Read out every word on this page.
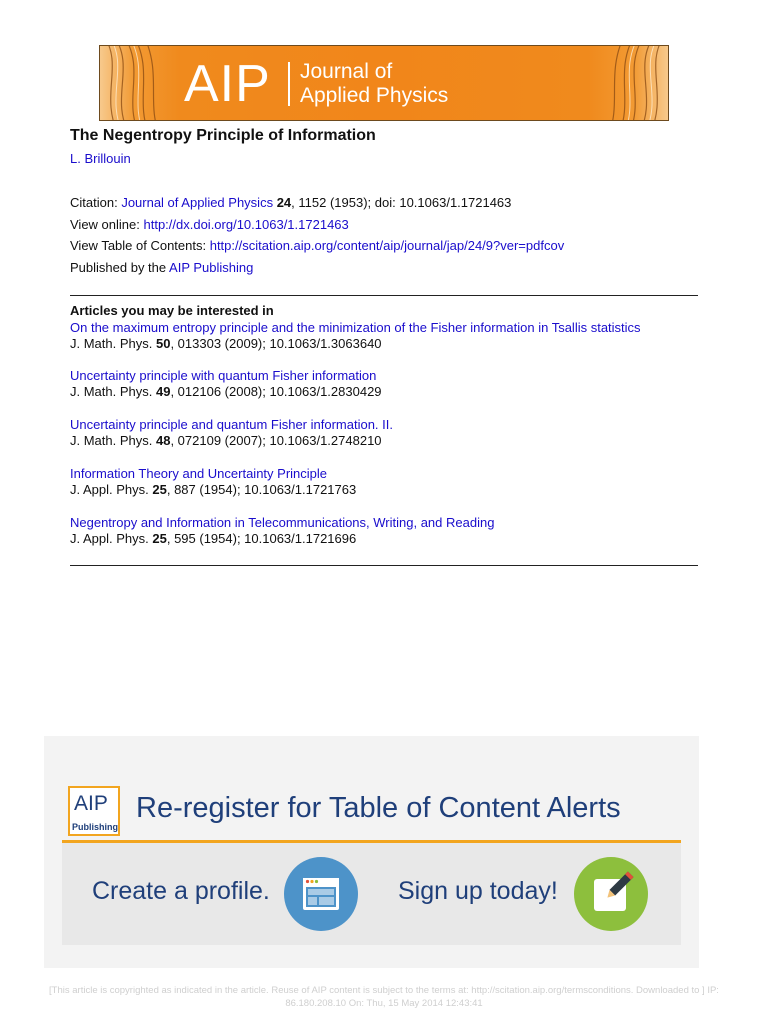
AIP Journal of
Applied Physics
The Negentropy Principle of Information
L. Brillouin
Citation: Journal of Applied Physics 24, 1152 (1953); doi: 10.1063/1.1721463
View online: http://dx.doi.org/10.1063/1.1721463
View Table of Contents: http://scitation.aip.org/content/aip/journal/jap/24/9?ver=pdfcov
Published by the AIP Publishing
Articles you may be interested in
On the maximum entropy principle and the minimization of the Fisher information in Tsallis statistics
J. Math. Phys. 50, 013303 (2009); 10.1063/1.3063640
Uncertainty principle with quantum Fisher information
J. Math. Phys. 49, 012106 (2008); 10.1063/1.2830429
Uncertainty principle and quantum Fisher information. II.
J. Math. Phys. 48, 072109 (2007); 10.1063/1.2748210
Information Theory and Uncertainty Principle
J. Appl. Phys. 25, 887 (1954); 10.1063/1.1721763
Negentropy and Information in Telecommunications, Writing, and Reading
J. Appl. Phys. 25, 595 (1954); 10.1063/1.1721696
AIP
Publishing
Re-register for Table of Content Alerts
Create a profile.	Sign up today!
[This article is copyrighted as indicated in the article. Reuse of AIP content is subject to the terms at: http://scitation.aip.org/termsconditions. Downloaded to ] IP:
86.180.208.10 On: Thu, 15 May 2014 12:43:41
